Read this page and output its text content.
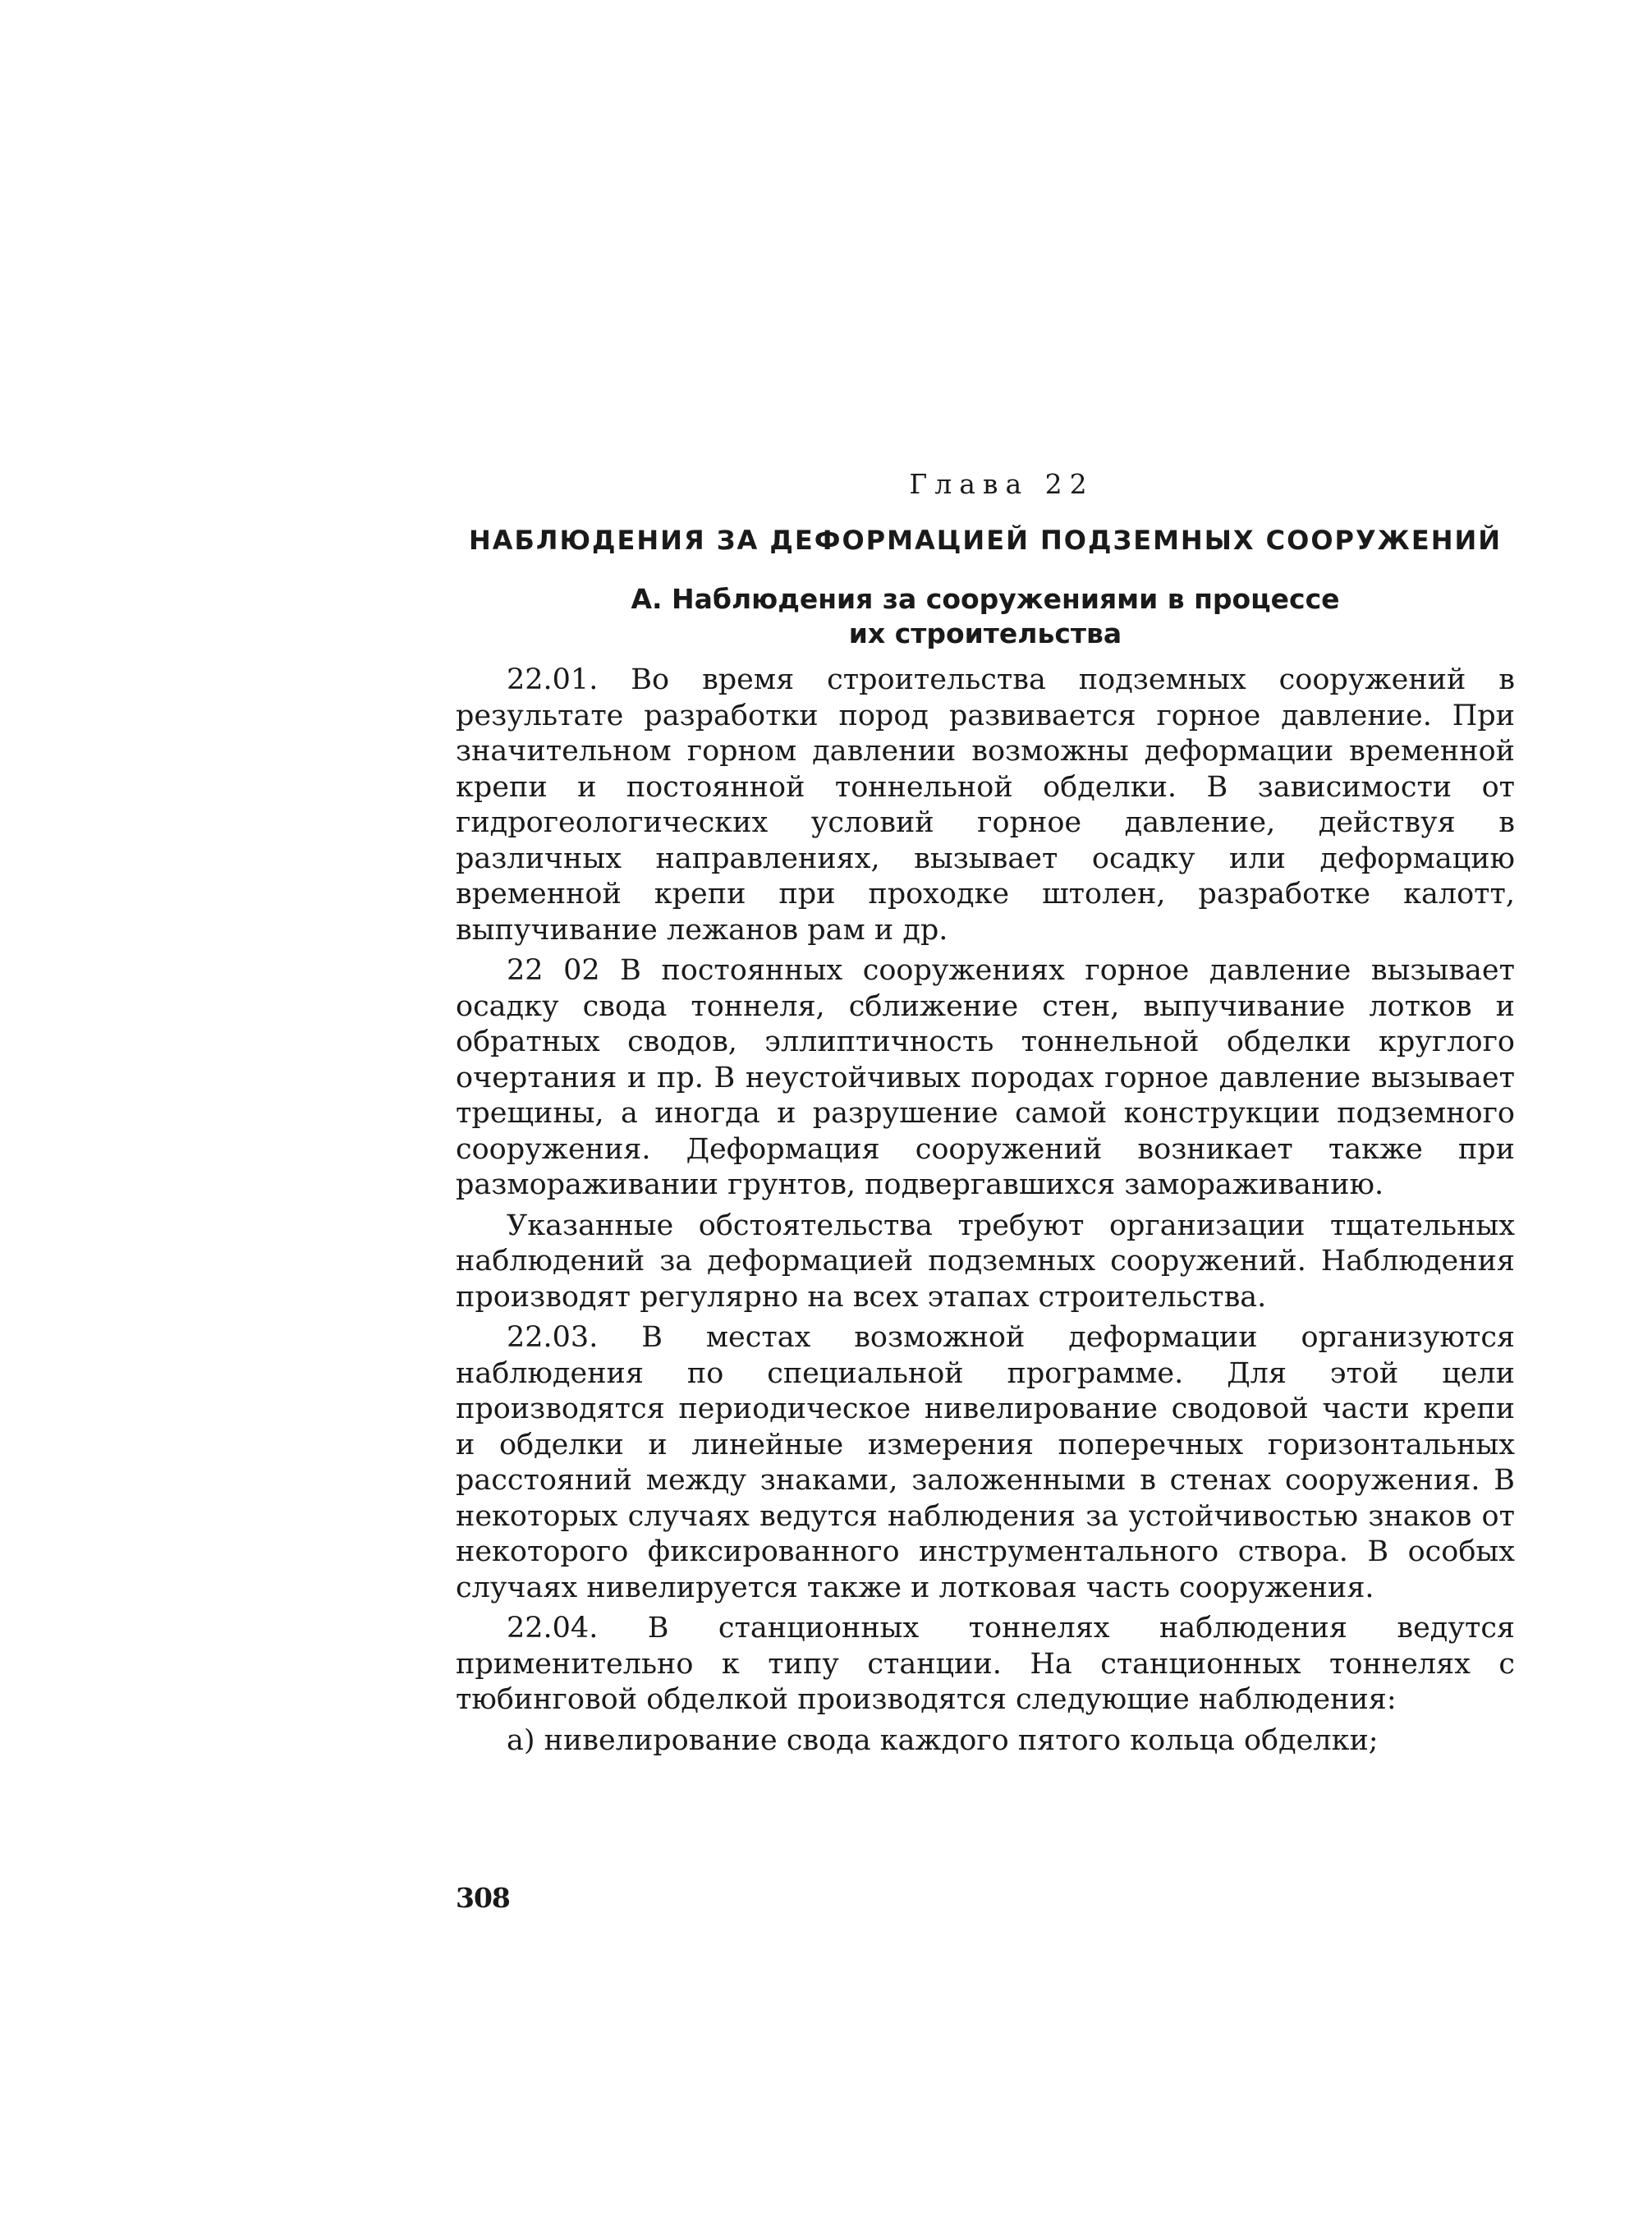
Глава 22
НАБЛЮДЕНИЯ ЗА ДЕФОРМАЦИЕЙ ПОДЗЕМНЫХ СООРУЖЕНИЙ
А. Наблюдения за сооружениями в процессе
их строительства

22.01. Во время строительства подземных сооружений в результате разработки пород развивается горное давление. При значительном горном давлении возможны деформации временной крепи и постоянной тоннельной обделки. В зависимости от гидрогеологических условий горное давление, действуя в различных направлениях, вызывает осадку или деформацию временной крепи при проходке штолен, разработке калотт, выпучивание лежанов рам и др.

22 02 В постоянных сооружениях горное давление вызывает осадку свода тоннеля, сближение стен, выпучивание лотков и обратных сводов, эллиптичность тоннельной обделки круглого очертания и пр. В неустойчивых породах горное давление вызывает трещины, а иногда и разрушение самой конструкции подземного сооружения. Деформация сооружений возникает также при размораживании грунтов, подвергавшихся замораживанию.

Указанные обстоятельства требуют организации тщательных наблюдений за деформацией подземных сооружений. Наблюдения производят регулярно на всех этапах строительства.

22.03. В местах возможной деформации организуются наблюдения по специальной программе. Для этой цели производятся периодическое нивелирование сводовой части крепи и обделки и линейные измерения поперечных горизонтальных расстояний между знаками, заложенными в стенах сооружения. В некоторых случаях ведутся наблюдения за устойчивостью знаков от некоторого фиксированного инструментального створа. В особых случаях нивелируется также и лотковая часть сооружения.

22.04. В станционных тоннелях наблюдения ведутся применительно к типу станции. На станционных тоннелях с тюбинговой обделкой производятся следующие наблюдения:

а) нивелирование свода каждого пятого кольца обделки;

308
